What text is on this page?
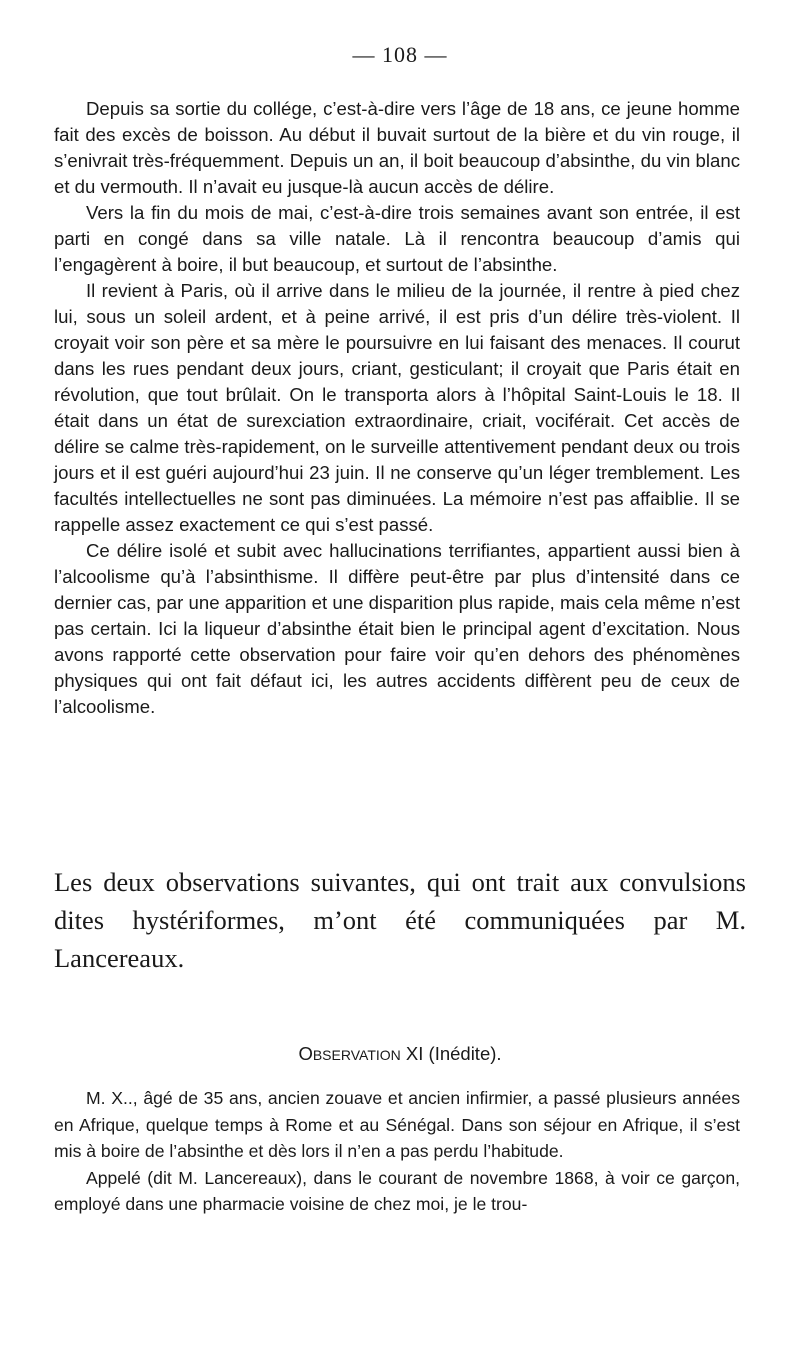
— 108 —

Depuis sa sortie du collége, c’est-à-dire vers l’âge de 18 ans, ce jeune homme fait des excès de boisson. Au début il buvait surtout de la bière et du vin rouge, il s’enivrait très-fréquemment. Depuis un an, il boit beaucoup d’absinthe, du vin blanc et du vermouth. Il n’avait eu jusque-là aucun accès de délire.

Vers la fin du mois de mai, c’est-à-dire trois semaines avant son entrée, il est parti en congé dans sa ville natale. Là il rencontra beaucoup d’amis qui l’engagèrent à boire, il but beaucoup, et surtout de l’absinthe.

Il revient à Paris, où il arrive dans le milieu de la journée, il rentre à pied chez lui, sous un soleil ardent, et à peine arrivé, il est pris d’un délire très-violent. Il croyait voir son père et sa mère le poursuivre en lui faisant des menaces. Il courut dans les rues pendant deux jours, criant, gesticulant; il croyait que Paris était en révolution, que tout brûlait. On le transporta alors à l’hôpital Saint-Louis le 18. Il était dans un état de surexciation extraordinaire, criait, vociférait. Cet accès de délire se calme très-rapidement, on le surveille attentivement pendant deux ou trois jours et il est guéri aujourd’hui 23 juin. Il ne conserve qu’un léger tremblement. Les facultés intellectuelles ne sont pas diminuées. La mémoire n’est pas affaiblie. Il se rappelle assez exactement ce qui s’est passé.

Ce délire isolé et subit avec hallucinations terrifiantes, appartient aussi bien à l’alcoolisme qu’à l’absinthisme. Il diffère peut-être par plus d’intensité dans ce dernier cas, par une apparition et une disparition plus rapide, mais cela même n’est pas certain. Ici la liqueur d’absinthe était bien le principal agent d’excitation. Nous avons rapporté cette observation pour faire voir qu’en dehors des phénomènes physiques qui ont fait défaut ici, les autres accidents diffèrent peu de ceux de l’alcoolisme.

Les deux observations suivantes, qui ont trait aux convulsions dites hystériformes, m’ont été communiquées par M. Lancereaux.
OBSERVATION XI (Inédite).

M. X.., âgé de 35 ans, ancien zouave et ancien infirmier, a passé plusieurs années en Afrique, quelque temps à Rome et au Sénégal. Dans son séjour en Afrique, il s’est mis à boire de l’absinthe et dès lors il n’en a pas perdu l’habitude.

Appelé (dit M. Lancereaux), dans le courant de novembre 1868, à voir ce garçon, employé dans une pharmacie voisine de chez moi, je le trou-
